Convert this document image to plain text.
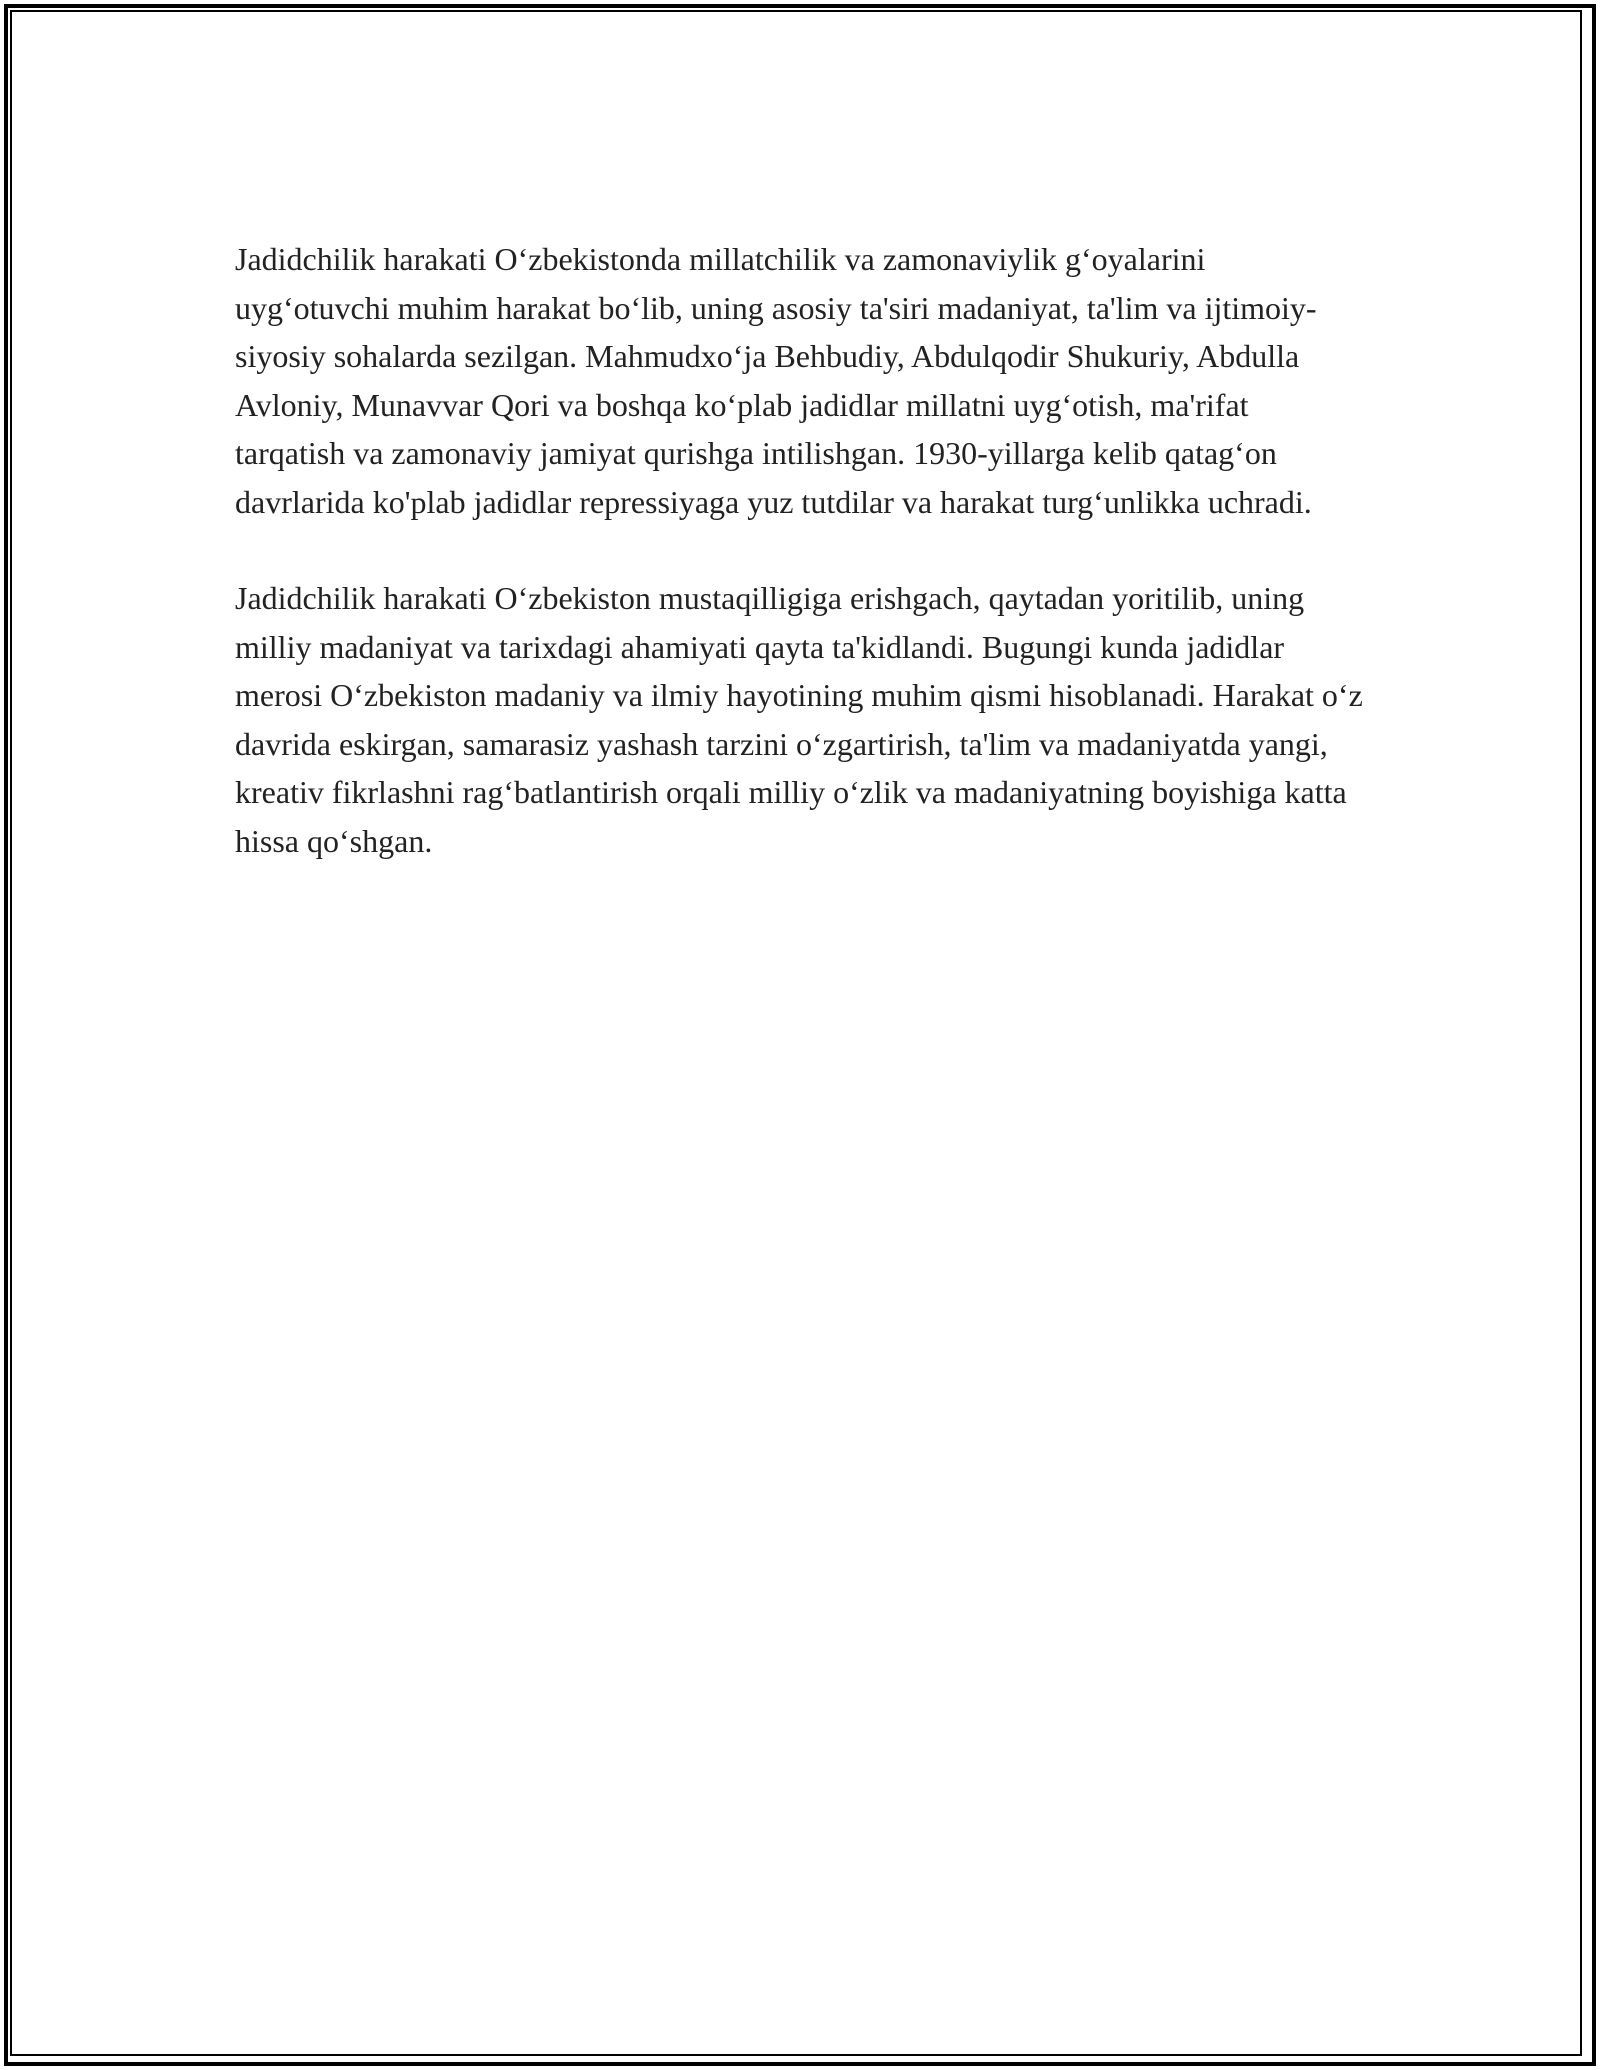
Jadidchilik harakati O‘zbekistonda millatchilik va zamonaviylik g‘oyalarini uyg‘otuvchi muhim harakat bo‘lib, uning asosiy ta'siri madaniyat, ta'lim va ijtimoiy-siyosiy sohalarda sezilgan. Mahmudxo‘ja Behbudiy, Abdulqodir Shukuriy, Abdulla Avloniy, Munavvar Qori va boshqa ko‘plab jadidlar millatni uyg‘otish, ma'rifat tarqatish va zamonaviy jamiyat qurishga intilishgan. 1930-yillarga kelib qatag‘on davrlarida ko'plab jadidlar repressiyaga yuz tutdilar va harakat turg‘unlikka uchradi.

Jadidchilik harakati O‘zbekiston mustaqilligiga erishgach, qaytadan yoritilib, uning milliy madaniyat va tarixdagi ahamiyati qayta ta'kidlandi. Bugungi kunda jadidlar merosi O‘zbekiston madaniy va ilmiy hayotining muhim qismi hisoblanadi. Harakat o‘z davrida eskirgan, samarasiz yashash tarzini o‘zgartirish, ta'lim va madaniyatda yangi, kreativ fikrlashni rag‘batlantirish orqali milliy o‘zlik va madaniyatning boyishiga katta hissa qo‘shgan.
